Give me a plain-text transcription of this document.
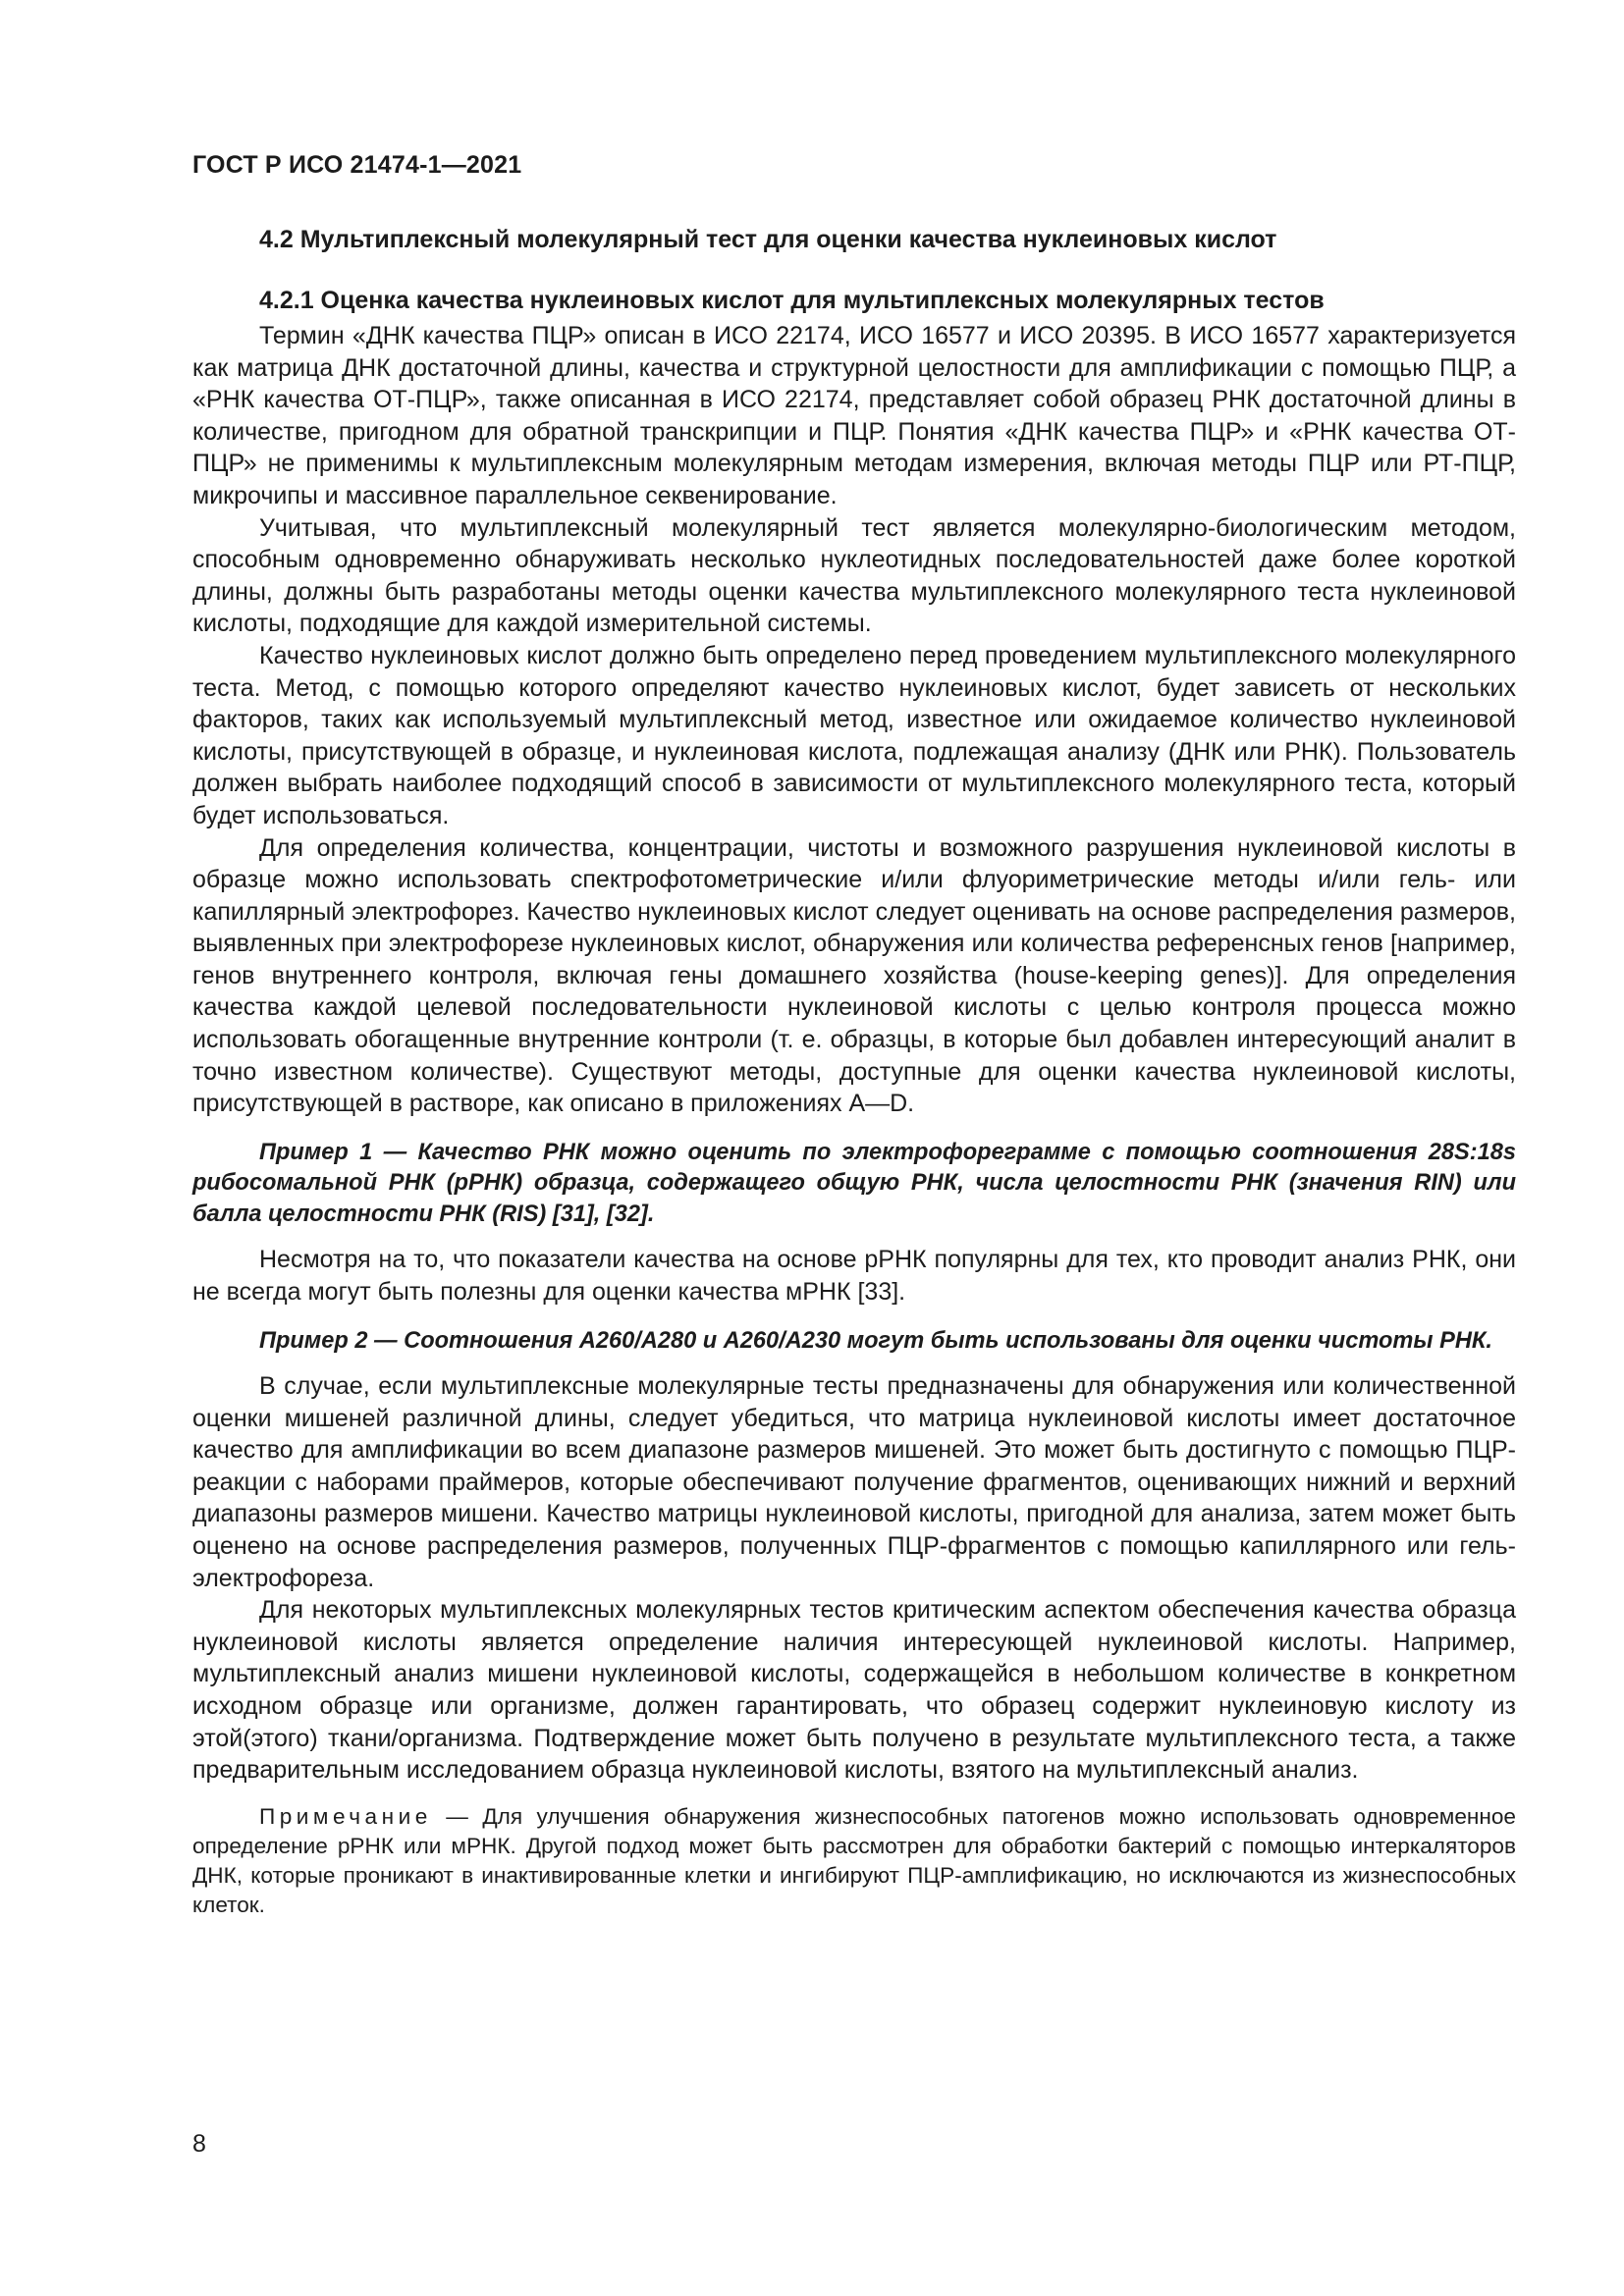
ГОСТ Р ИСО 21474-1—2021
4.2 Мультиплексный молекулярный тест для оценки качества нуклеиновых кислот
4.2.1 Оценка качества нуклеиновых кислот для мультиплексных молекулярных тестов

Термин «ДНК качества ПЦР» описан в ИСО 22174, ИСО 16577 и ИСО 20395. В ИСО 16577 характеризуется как матрица ДНК достаточной длины, качества и структурной целостности для амплификации с помощью ПЦР, а «РНК качества ОТ-ПЦР», также описанная в ИСО 22174, представляет собой образец РНК достаточной длины в количестве, пригодном для обратной транскрипции и ПЦР. Понятия «ДНК качества ПЦР» и «РНК качества ОТ-ПЦР» не применимы к мультиплексным молекулярным методам измерения, включая методы ПЦР или РТ-ПЦР, микрочипы и массивное параллельное секвенирование.

Учитывая, что мультиплексный молекулярный тест является молекулярно-биологическим методом, способным одновременно обнаруживать несколько нуклеотидных последовательностей даже более короткой длины, должны быть разработаны методы оценки качества мультиплексного молекулярного теста нуклеиновой кислоты, подходящие для каждой измерительной системы.

Качество нуклеиновых кислот должно быть определено перед проведением мультиплексного молекулярного теста. Метод, с помощью которого определяют качество нуклеиновых кислот, будет зависеть от нескольких факторов, таких как используемый мультиплексный метод, известное или ожидаемое количество нуклеиновой кислоты, присутствующей в образце, и нуклеиновая кислота, подлежащая анализу (ДНК или РНК). Пользователь должен выбрать наиболее подходящий способ в зависимости от мультиплексного молекулярного теста, который будет использоваться.

Для определения количества, концентрации, чистоты и возможного разрушения нуклеиновой кислоты в образце можно использовать спектрофотометрические и/или флуориметрические методы и/или гель- или капиллярный электрофорез. Качество нуклеиновых кислот следует оценивать на основе распределения размеров, выявленных при электрофорезе нуклеиновых кислот, обнаружения или количества референсных генов [например, генов внутреннего контроля, включая гены домашнего хозяйства (house-keeping genes)]. Для определения качества каждой целевой последовательности нуклеиновой кислоты с целью контроля процесса можно использовать обогащенные внутренние контроли (т. е. образцы, в которые был добавлен интересующий аналит в точно известном количестве). Существуют методы, доступные для оценки качества нуклеиновой кислоты, присутствующей в растворе, как описано в приложениях А—D.

Пример 1 — Качество РНК можно оценить по электрофореграмме с помощью соотношения 28S:18s рибосомальной РНК (рРНК) образца, содержащего общую РНК, числа целостности РНК (значения RIN) или балла целостности РНК (RIS) [31], [32].

Несмотря на то, что показатели качества на основе рРНК популярны для тех, кто проводит анализ РНК, они не всегда могут быть полезны для оценки качества мРНК [33].

Пример 2 — Соотношения A260/A280 и A260/A230 могут быть использованы для оценки чистоты РНК.

В случае, если мультиплексные молекулярные тесты предназначены для обнаружения или количественной оценки мишеней различной длины, следует убедиться, что матрица нуклеиновой кислоты имеет достаточное качество для амплификации во всем диапазоне размеров мишеней. Это может быть достигнуто с помощью ПЦР-реакции с наборами праймеров, которые обеспечивают получение фрагментов, оценивающих нижний и верхний диапазоны размеров мишени. Качество матрицы нуклеиновой кислоты, пригодной для анализа, затем может быть оценено на основе распределения размеров, полученных ПЦР-фрагментов с помощью капиллярного или гель-электрофореза.

Для некоторых мультиплексных молекулярных тестов критическим аспектом обеспечения качества образца нуклеиновой кислоты является определение наличия интересующей нуклеиновой кислоты. Например, мультиплексный анализ мишени нуклеиновой кислоты, содержащейся в небольшом количестве в конкретном исходном образце или организме, должен гарантировать, что образец содержит нуклеиновую кислоту из этой(этого) ткани/организма. Подтверждение может быть получено в результате мультиплексного теста, а также предварительным исследованием образца нуклеиновой кислоты, взятого на мультиплексный анализ.

Примечание — Для улучшения обнаружения жизнеспособных патогенов можно использовать одновременное определение рРНК или мРНК. Другой подход может быть рассмотрен для обработки бактерий с помощью интеркаляторов ДНК, которые проникают в инактивированные клетки и ингибируют ПЦР-амплификацию, но исключаются из жизнеспособных клеток.

8
